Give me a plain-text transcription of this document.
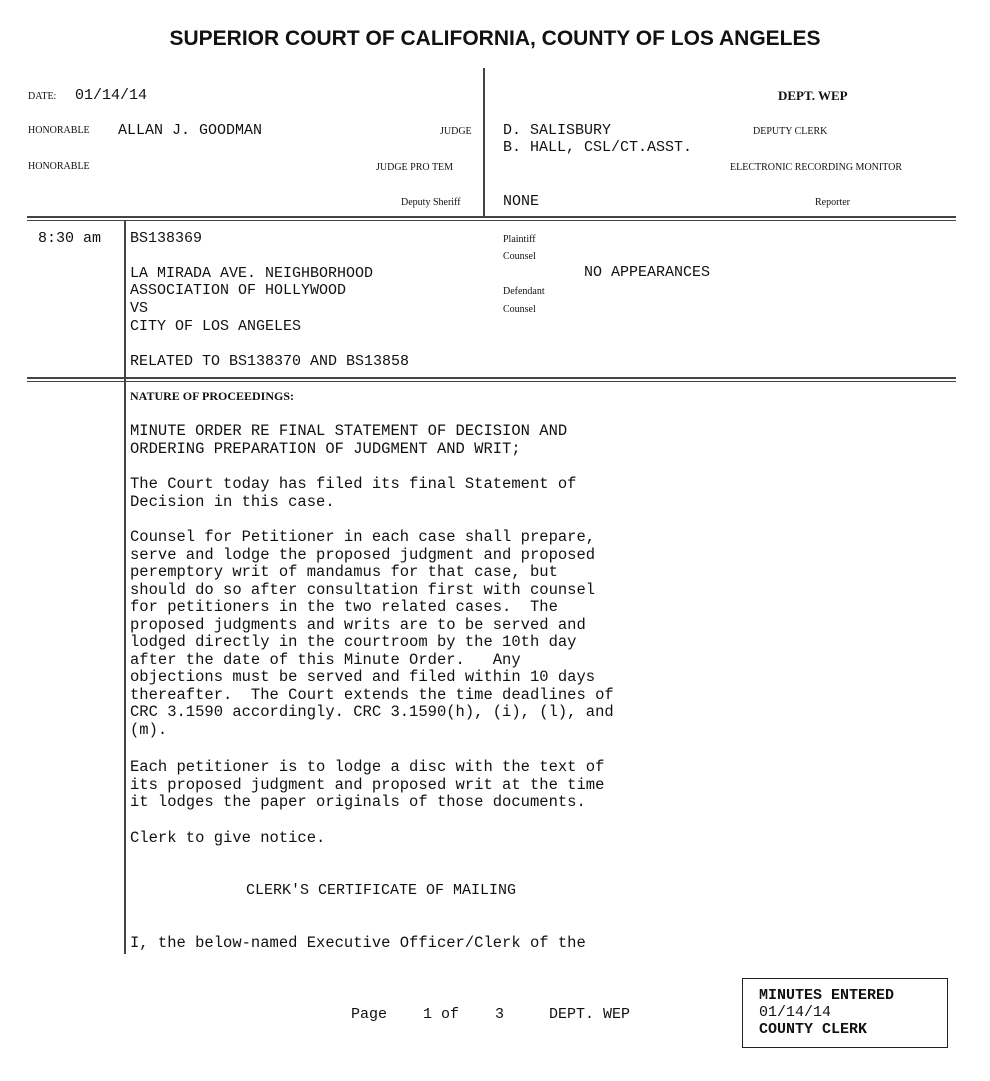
SUPERIOR COURT OF CALIFORNIA, COUNTY OF LOS ANGELES
DATE: 01/14/14
HONORABLE ALLAN J. GOODMAN	JUDGE
HONORABLE	JUDGE PRO TEM
Deputy Sheriff
DEPT. WEP
D. SALISBURY	DEPUTY CLERK
B. HALL, CSL/CT.ASST.
ELECTRONIC RECORDING MONITOR
NONE	Reporter
8:30 am BS138369
LA MIRADA AVE. NEIGHBORHOOD
ASSOCIATION OF HOLLYWOOD
VS
CITY OF LOS ANGELES
RELATED TO BS138370 AND BS13858
Plaintiff
Counsel
Defendant
Counsel
NO APPEARANCES
NATURE OF PROCEEDINGS:
MINUTE ORDER RE FINAL STATEMENT OF DECISION AND
ORDERING PREPARATION OF JUDGMENT AND WRIT;
The Court today has filed its final Statement of
Decision in this case.
Counsel for Petitioner in each case shall prepare,
serve and lodge the proposed judgment and proposed
peremptory writ of mandamus for that case, but
should do so after consultation first with counsel
for petitioners in the two related cases.  The
proposed judgments and writs are to be served and
lodged directly in the courtroom by the 10th day
after the date of this Minute Order.   Any
objections must be served and filed within 10 days
thereafter.  The Court extends the time deadlines of
CRC 3.1590 accordingly. CRC 3.1590(h), (i), (l), and
(m).
Each petitioner is to lodge a disc with the text of
its proposed judgment and proposed writ at the time
it lodges the paper originals of those documents.
Clerk to give notice.
CLERK'S CERTIFICATE OF MAILING
I, the below-named Executive Officer/Clerk of the
Page    1 of    3     DEPT. WEP
MINUTES ENTERED
01/14/14
COUNTY CLERK
